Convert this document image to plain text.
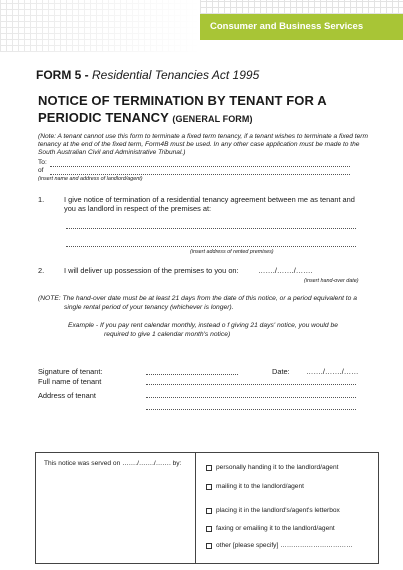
Consumer and Business Services
FORM 5 - Residential Tenancies Act 1995
NOTICE OF TERMINATION BY TENANT FOR A
PERIODIC TENANCY (GENERAL FORM)
(Note: A tenant cannot use this form to terminate a fixed term tenancy, if a tenant wishes to terminate a fixed term tenancy at the end of the fixed term, Form4B must be used. In any other case application must be made to the South Australian Civil and Administrative Tribunal.)
To:
of
(insert name and address of landlord/agent)
1.	I give notice of termination of a residential tenancy agreement between me as tenant and
you as landlord in respect of the premises at:
(insert address of rented premises)
2.	I will deliver up possession of the premises to you on:	……./……./…….
(insert hand-over date)
(NOTE: The hand-over date must be at least 21 days from the date of this notice, or a period equivalent to a
single rental period of your tenancy (whichever is longer).
Example - If you pay rent calendar monthly, instead o f giving 21 days' notice, you would be
required to give 1 calendar month's notice)
Signature of tenant:	Date: ……./……./……
Full name of tenant
Address of tenant
This notice was served on ……./……./……. by:
personally handing it to the landlord/agent
mailing it to the landlord/agent
placing it in the landlord's/agent's letterbox
faxing or emailing it to the landlord/agent
other [please specify] ……………………………
